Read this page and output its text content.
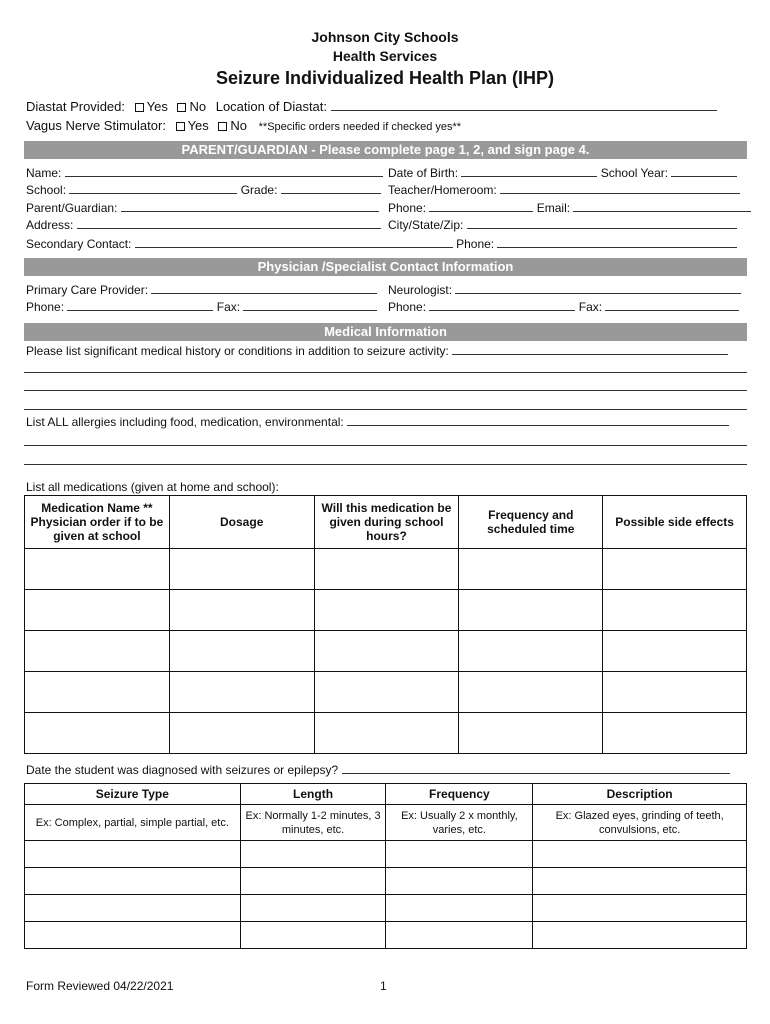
Johnson City Schools
Health Services
Seizure Individualized Health Plan (IHP)
Diastat Provided: Yes No Location of Diastat:
Vagus Nerve Stimulator: Yes No **Specific orders needed if checked yes**
PARENT/GUARDIAN - Please complete page 1, 2, and sign page 4.
Name:	Date of Birth:	School Year:
School:	Grade:	Teacher/Homeroom:
Parent/Guardian:	Phone:	Email:
Address:	City/State/Zip:
Secondary Contact:	Phone:
Physician /Specialist Contact Information
Primary Care Provider:	Neurologist:
Phone:	Fax:	Phone:	Fax:
Medical Information
Please list significant medical history or conditions in addition to seizure activity:
List ALL allergies including food, medication, environmental:
List all medications (given at home and school):
Medication Name ** Physician order if to be given at school	Dosage	Will this medication be given during school hours?	Frequency and scheduled time	Possible side effects

Date the student was diagnosed with seizures or epilepsy?
Seizure Type	Length	Frequency	Description
Ex: Complex, partial, simple partial, etc.	Ex: Normally 1-2 minutes, 3 minutes, etc.	Ex: Usually 2 x monthly, varies, etc.	Ex: Glazed eyes, grinding of teeth, convulsions, etc.

Form Reviewed 04/22/2021	1
